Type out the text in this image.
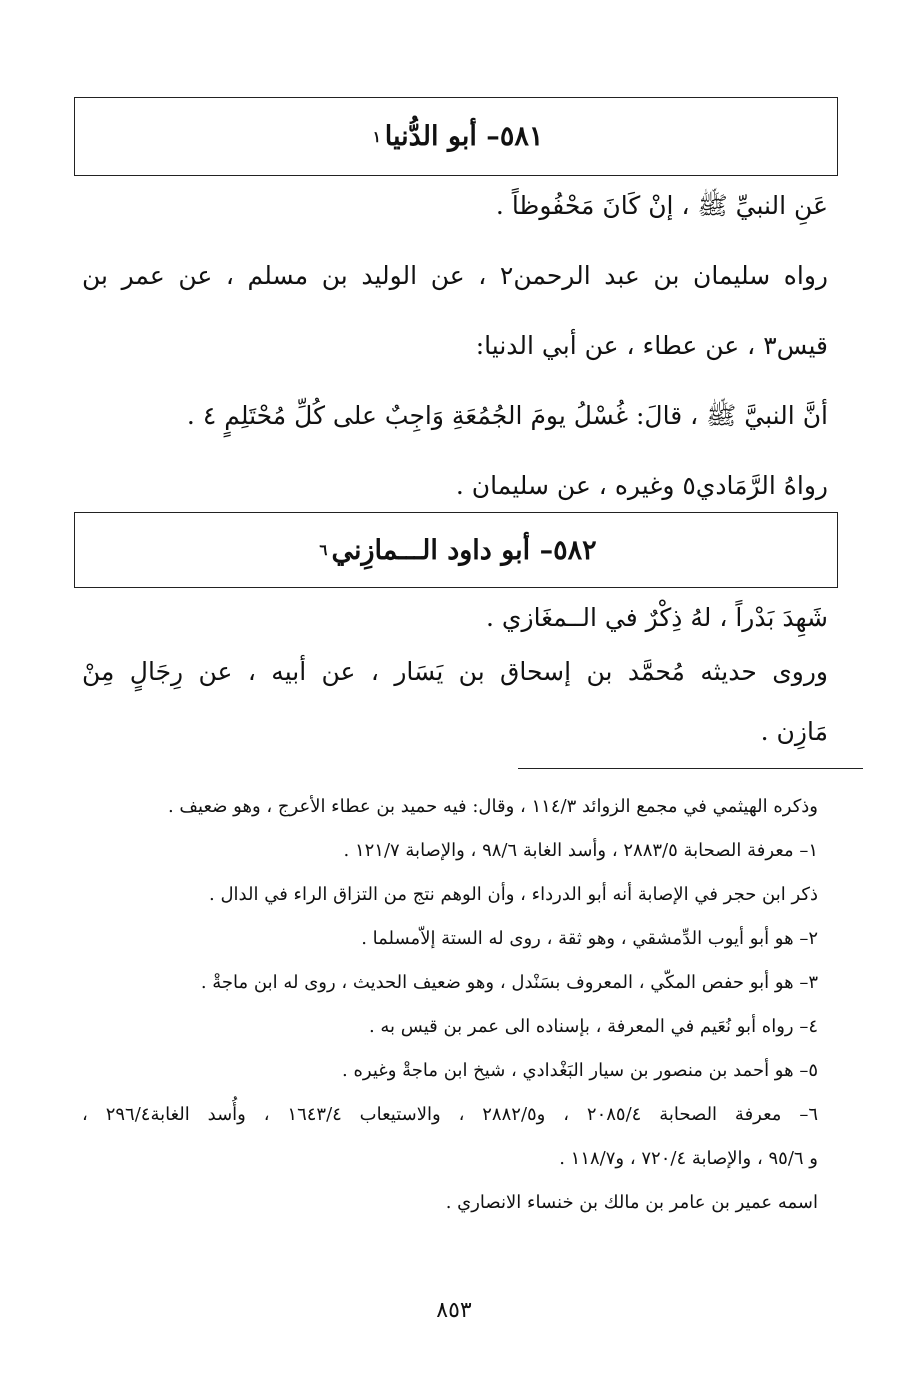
٥٨١– أبو الدُّنيا
١
عَنِ النبيِّ ﷺ ، إنْ كَانَ مَحْفُوظاً .
رواه سليمان بن عبد الرحمن٢ ، عن الوليد بن مسلم ، عن عمر بن
قيس٣ ، عن عطاء ، عن أبي الدنيا:
أنَّ النبيَّ ﷺ ، قالَ: غُسْلُ يومَ الجُمُعَةِ وَاجِبٌ على كُلِّ مُحْتَلِمٍ ٤ .
رواهُ الرَّمَادي٥ وغيره ، عن سليمان .
٥٨٢– أبو داود الـــمازِني
٦
شَهِدَ بَدْراً ، لهُ ذِكْرٌ في الــمغَازي .
وروى حديثه مُحمَّد بن إسحاق بن يَسَار ، عن أبيه ، عن رِجَالٍ مِنْ
مَازِن .
وذكره الهيثمي في مجمع الزوائد ١١٤/٣ ، وقال: فيه حميد بن عطاء الأعرج ، وهو ضعيف .
١– معرفة الصحابة ٢٨٨٣/٥ ، وأسد الغابة ٩٨/٦ ، والإصابة ١٢١/٧ .
ذكر ابن حجر في الإصابة أنه أبو الدرداء ، وأن الوهم نتج من التزاق الراء في الدال .
٢– هو أبو أيوب الدِّمشقي ، وهو ثقة ، روى له الستة إلاّمسلما .
٣– هو أبو حفص المكّي ، المعروف بسَنْدل ، وهو ضعيف الحديث ، روى له ابن ماجةْ .
٤– رواه أبو نُعَيم في المعرفة ، بإسناده الى عمر بن قيس به .
٥– هو أحمد بن منصور بن سيار البَغْدادي ، شيخ ابن ماجةْ وغيره .
٦– معرفة الصحابة ٢٠٨٥/٤ ، و٢٨٨٢/٥ ، والاستيعاب ١٦٤٣/٤ ، وأُسد الغابة٢٩٦/٤ ،
و ٩٥/٦ ، والإصابة ٧٢٠/٤ ، و١١٨/٧ .
اسمه عمير بن عامر بن مالك بن خنساء الانصاري .
٨٥٣
